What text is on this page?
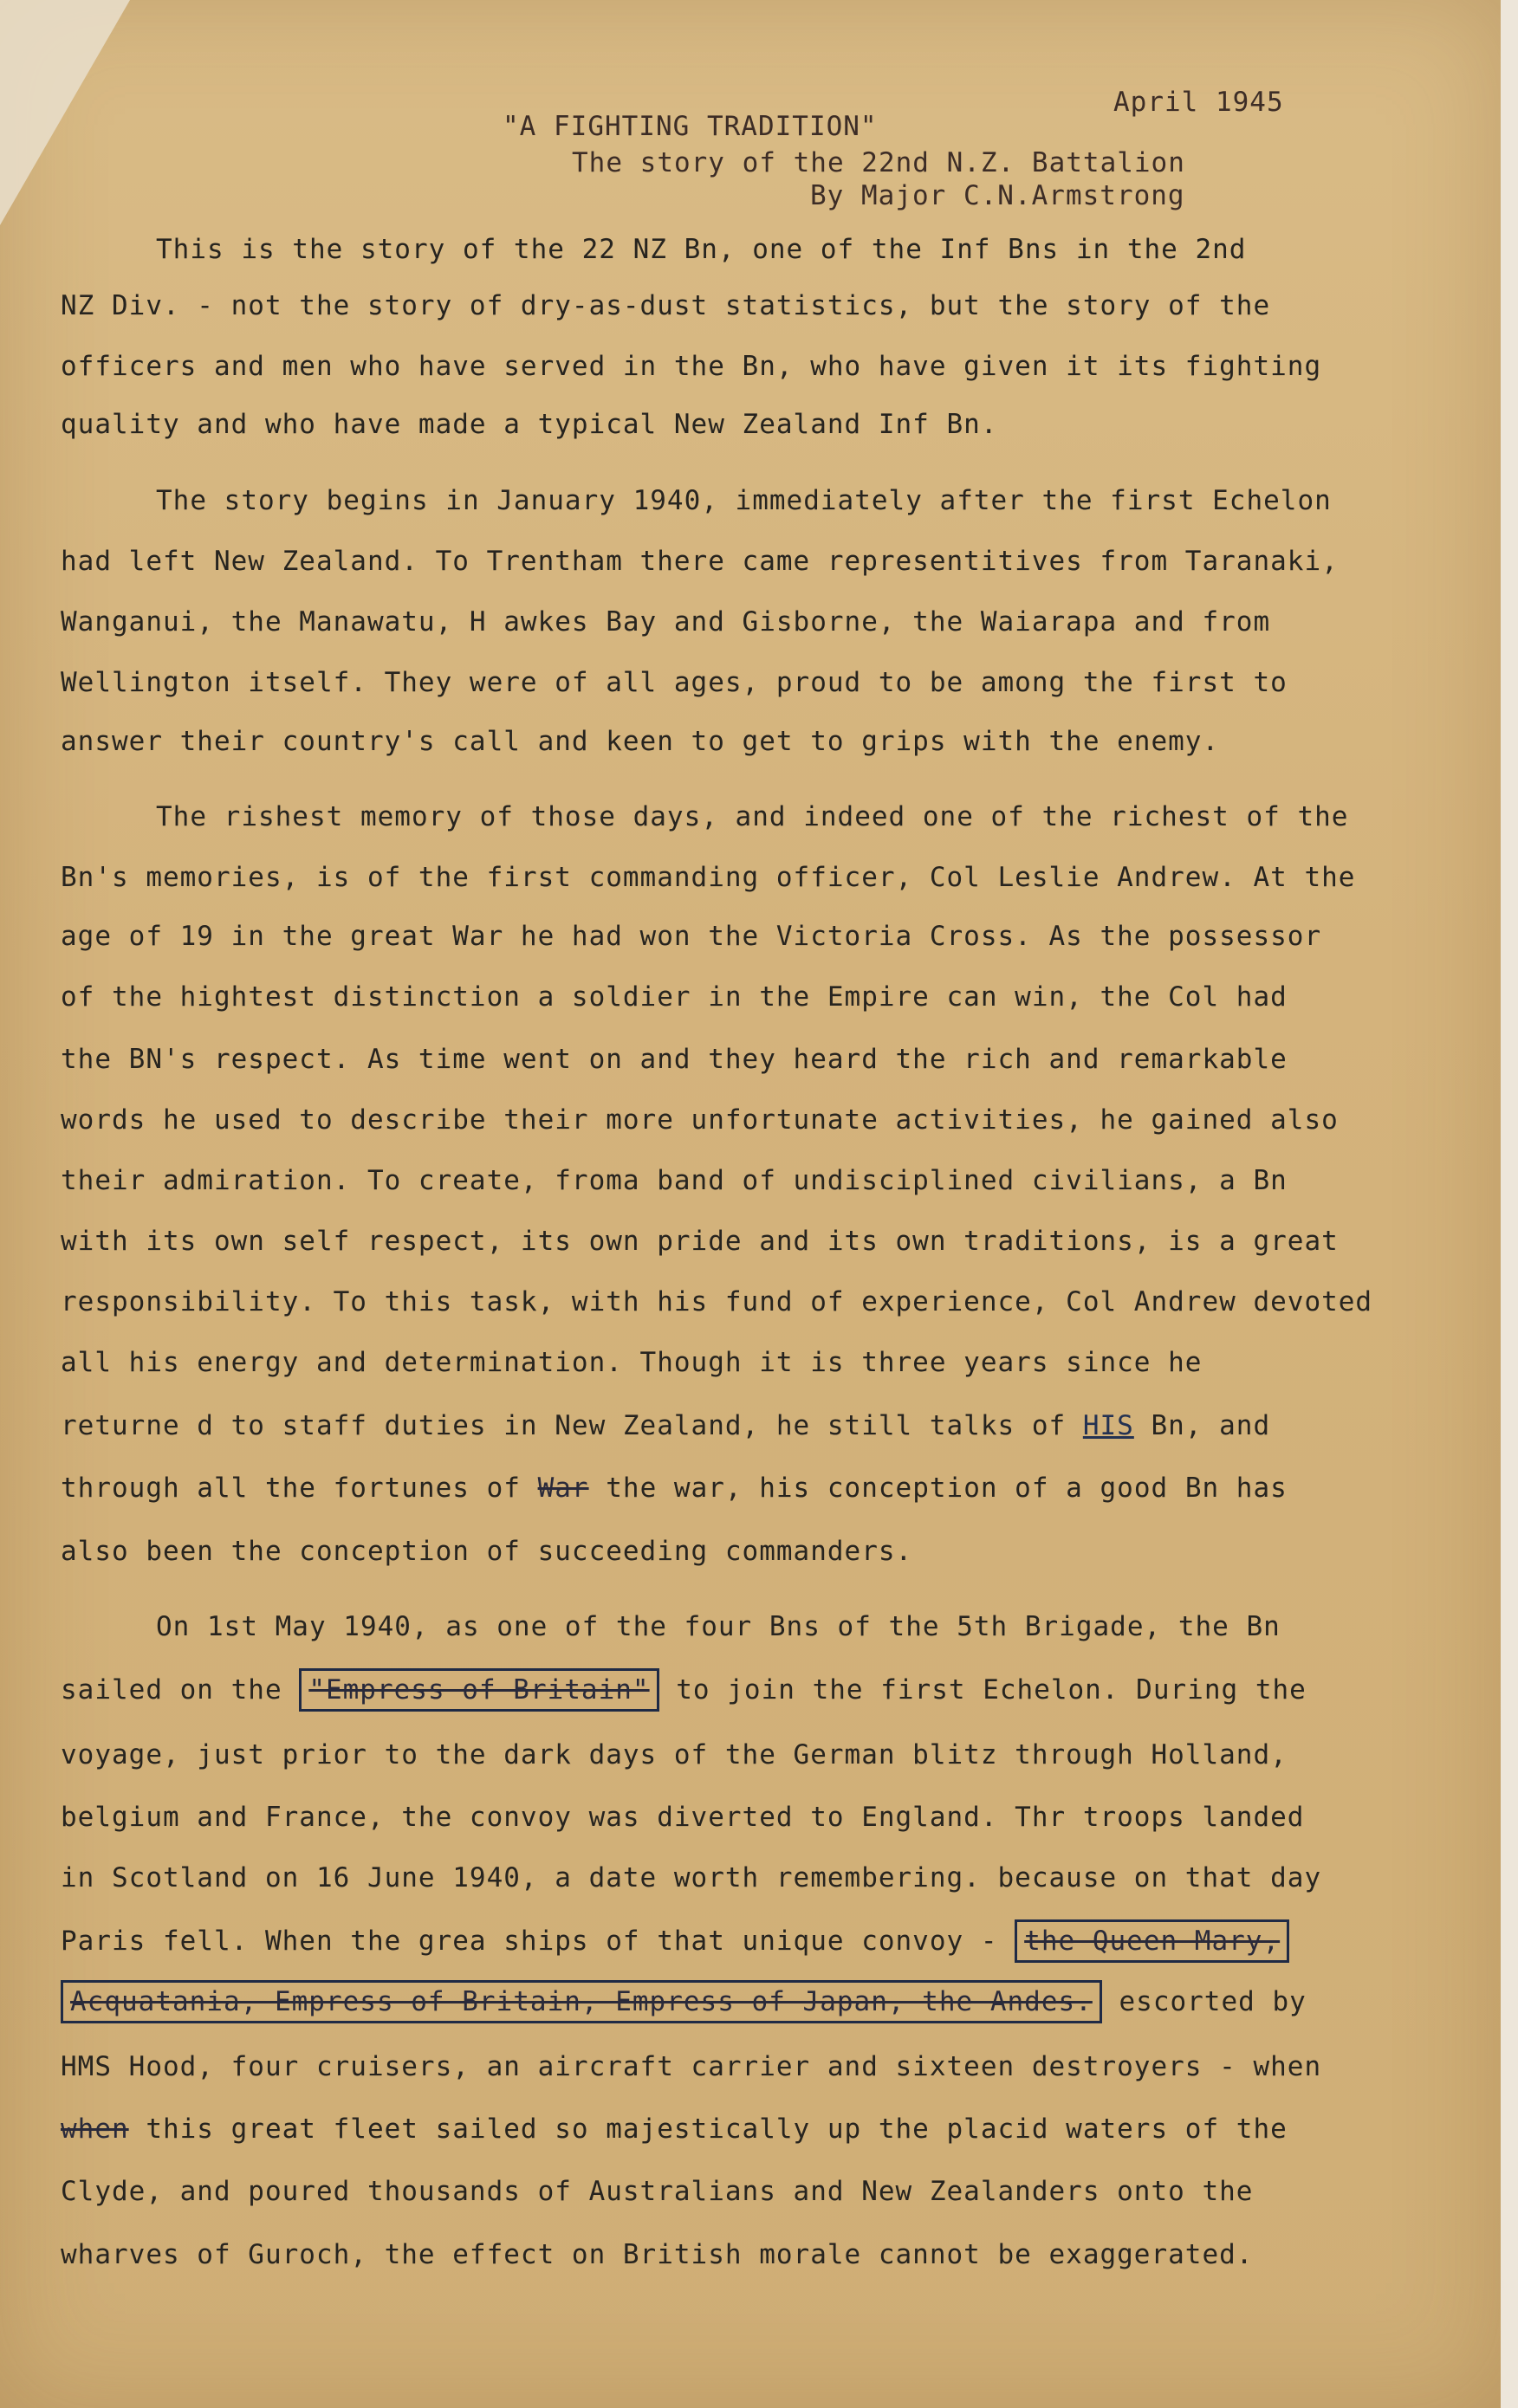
April 1945
"A FIGHTING TRADITION"
The story of the 22nd N.Z. Battalion
By Major C.N.Armstrong
This is the story of the 22 NZ Bn, one of the Inf Bns in the 2nd
NZ Div. - not the story of dry-as-dust statistics, but the story of the
officers and men who have served in the Bn, who have given it its fighting
quality and who have made a typical New Zealand Inf Bn.
The story begins in January 1940, immediately after the first Echelon
had left New Zealand. To Trentham there came representitives from Taranaki,
Wanganui, the Manawatu, H awkes Bay and Gisborne, the Waiarapa and from
Wellington itself. They were of all ages, proud to be among the first to
answer their country's call and keen to get to grips with the enemy.
The rishest memory of those days, and indeed one of the richest of the
Bn's memories, is of the first commanding officer, Col Leslie Andrew. At the
age of 19 in the great War he had won the Victoria Cross. As the possessor
of the hightest distinction a soldier in the Empire can win, the Col had
the BN's respect. As time went on and they heard the rich and remarkable
words he used to describe their more unfortunate activities, he gained also
their admiration. To create, froma band of undisciplined civilians, a Bn
with its own self respect, its own pride and its own traditions, is a great
responsibility. To this task, with his fund of experience, Col Andrew devoted
all his energy and determination. Though it is three years since he
returne d to staff duties in New Zealand, he still talks of HIS Bn, and
through all the fortunes of War the war, his conception of a good Bn has
also been the conception of succeeding commanders.
On 1st May 1940, as one of the four Bns of the 5th Brigade, the Bn
sailed on the "Empress of Britain" to join the first Echelon. During the
voyage, just prior to the dark days of the German blitz through Holland,
belgium and France, the convoy was diverted to England. Thr troops landed
in Scotland on 16 June 1940, a date worth remembering. because on that day
Paris fell. When the grea ships of that unique convoy - the Queen Mary,
Acquatania, Empress of Britain, Empress of Japan, the Andes. escorted by
HMS Hood, four cruisers, an aircraft carrier and sixteen destroyers - when
when this great fleet sailed so majestically up the placid waters of the
Clyde, and poured thousands of Australians and New Zealanders onto the
wharves of Guroch, the effect on British morale cannot be exaggerated.
